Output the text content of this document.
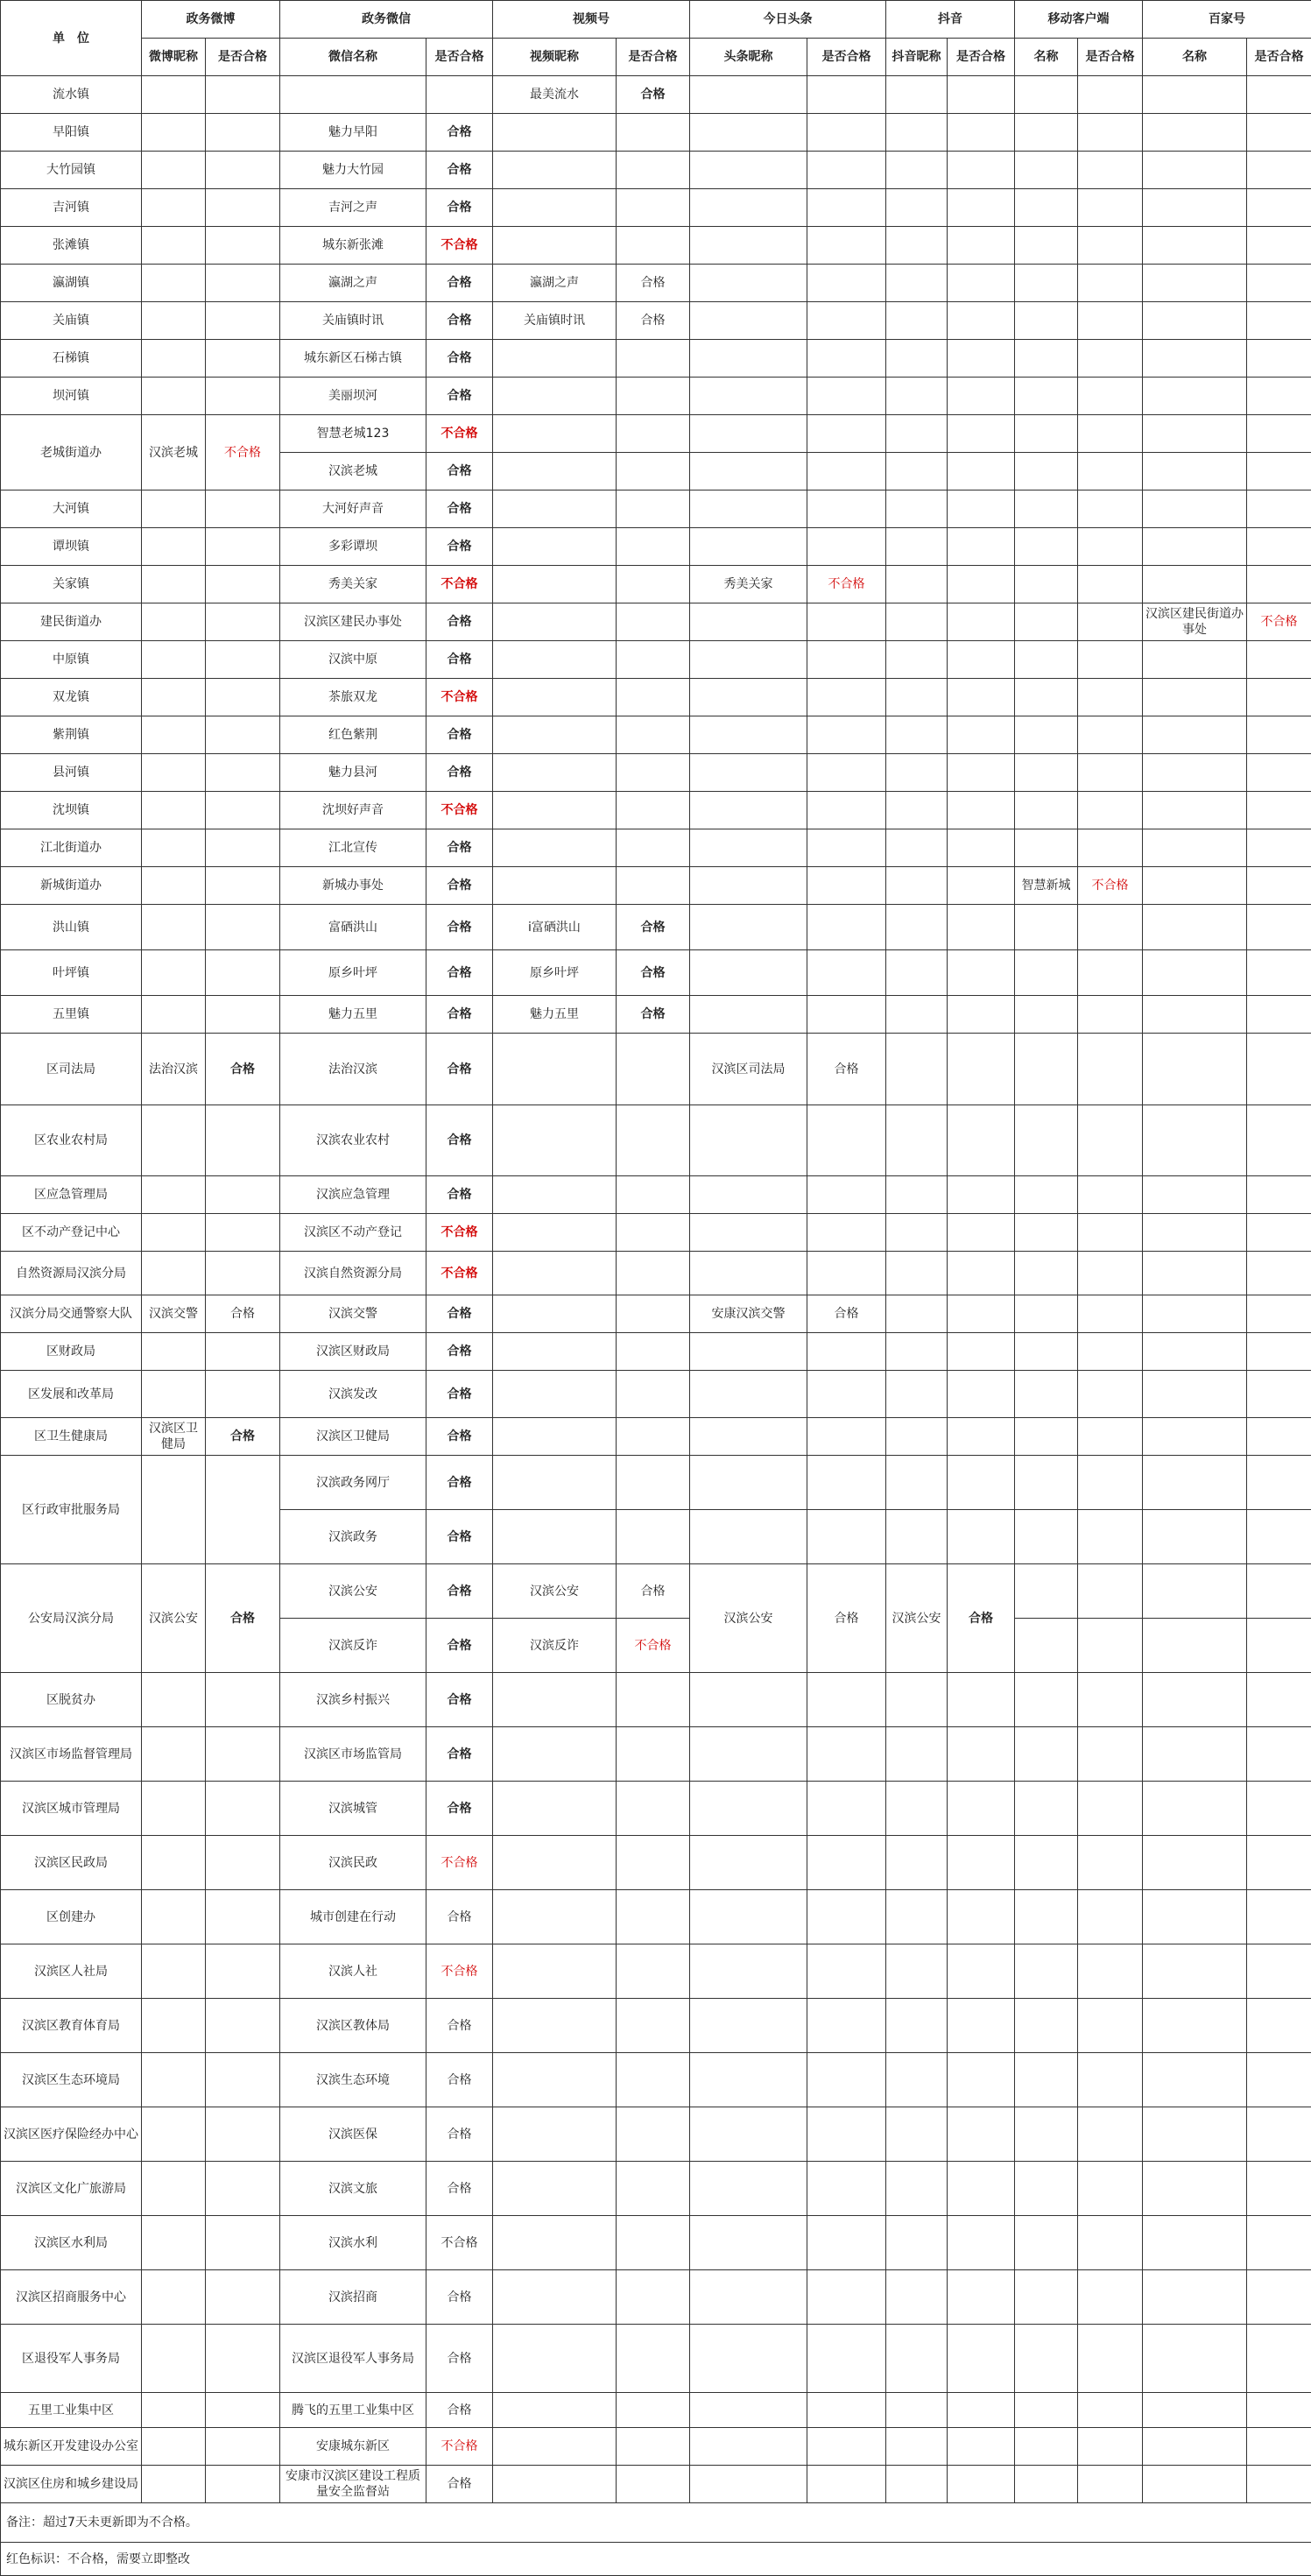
单　位	政务微博		政务微信		视频号		今日头条		抖音		移动客户端		百家号	
	微博昵称	是否合格	微信名称	是否合格	视频昵称	是否合格	头条昵称	是否合格	抖音昵称	是否合格	名称	是否合格	名称	是否合格
流水镇					最美流水	合格								
早阳镇			魅力早阳	合格										
大竹园镇			魅力大竹园	合格										
吉河镇			吉河之声	合格										
张滩镇			城东新张滩	不合格										
瀛湖镇			瀛湖之声	合格	瀛湖之声	合格								
关庙镇			关庙镇时讯	合格	关庙镇时讯	合格								
石梯镇			城东新区石梯古镇	合格										
坝河镇			美丽坝河	合格										
老城街道办	汉滨老城	不合格	智慧老城123	不合格										
			汉滨老城	合格										
大河镇			大河好声音	合格										
谭坝镇			多彩谭坝	合格										
关家镇			秀美关家	不合格			秀美关家	不合格						
建民街道办			汉滨区建民办事处	合格									汉滨区建民街道办事处	不合格
中原镇			汉滨中原	合格										
双龙镇			茶旅双龙	不合格										
紫荆镇			红色紫荆	合格										
县河镇			魅力县河	合格										
沈坝镇			沈坝好声音	不合格										
江北街道办			江北宣传	合格										
新城街道办			新城办事处	合格							智慧新城	不合格		
洪山镇			富硒洪山	合格	i富硒洪山	合格								
叶坪镇			原乡叶坪	合格	原乡叶坪	合格								
五里镇			魅力五里	合格	魅力五里	合格								
区司法局	法治汉滨	合格	法治汉滨	合格			汉滨区司法局	合格						
区农业农村局			汉滨农业农村	合格										
区应急管理局			汉滨应急管理	合格										
区不动产登记中心			汉滨区不动产登记	不合格										
自然资源局汉滨分局			汉滨自然资源分局	不合格										
汉滨分局交通警察大队	汉滨交警	合格	汉滨交警	合格			安康汉滨交警	合格						
区财政局			汉滨区财政局	合格										
区发展和改革局			汉滨发改	合格										
区卫生健康局	汉滨区卫健局	合格	汉滨区卫健局	合格										
区行政审批服务局			汉滨政务网厅	合格										
			汉滨政务	合格										
公安局汉滨分局	汉滨公安	合格	汉滨公安	合格	汉滨公安	合格	汉滨公安	合格	汉滨公安	合格				
			汉滨反诈	合格	汉滨反诈	不合格								
区脱贫办			汉滨乡村振兴	合格										
汉滨区市场监督管理局			汉滨区市场监管局	合格										
汉滨区城市管理局			汉滨城管	合格										
汉滨区民政局			汉滨民政	不合格										
区创建办			城市创建在行动	合格										
汉滨区人社局			汉滨人社	不合格										
汉滨区教育体育局			汉滨区教体局	合格										
汉滨区生态环境局			汉滨生态环境	合格										
汉滨区医疗保险经办中心			汉滨医保	合格										
汉滨区文化广旅游局			汉滨文旅	合格										
汉滨区水利局			汉滨水利	不合格										
汉滨区招商服务中心			汉滨招商	合格										
区退役军人事务局			汉滨区退役军人事务局	合格										
五里工业集中区			腾飞的五里工业集中区	合格										
城东新区开发建设办公室			安康城东新区	不合格										
汉滨区住房和城乡建设局			安康市汉滨区建设工程质量安全监督站	合格										
备注：超过7天未更新即为不合格。														
红色标识：不合格，需要立即整改														
